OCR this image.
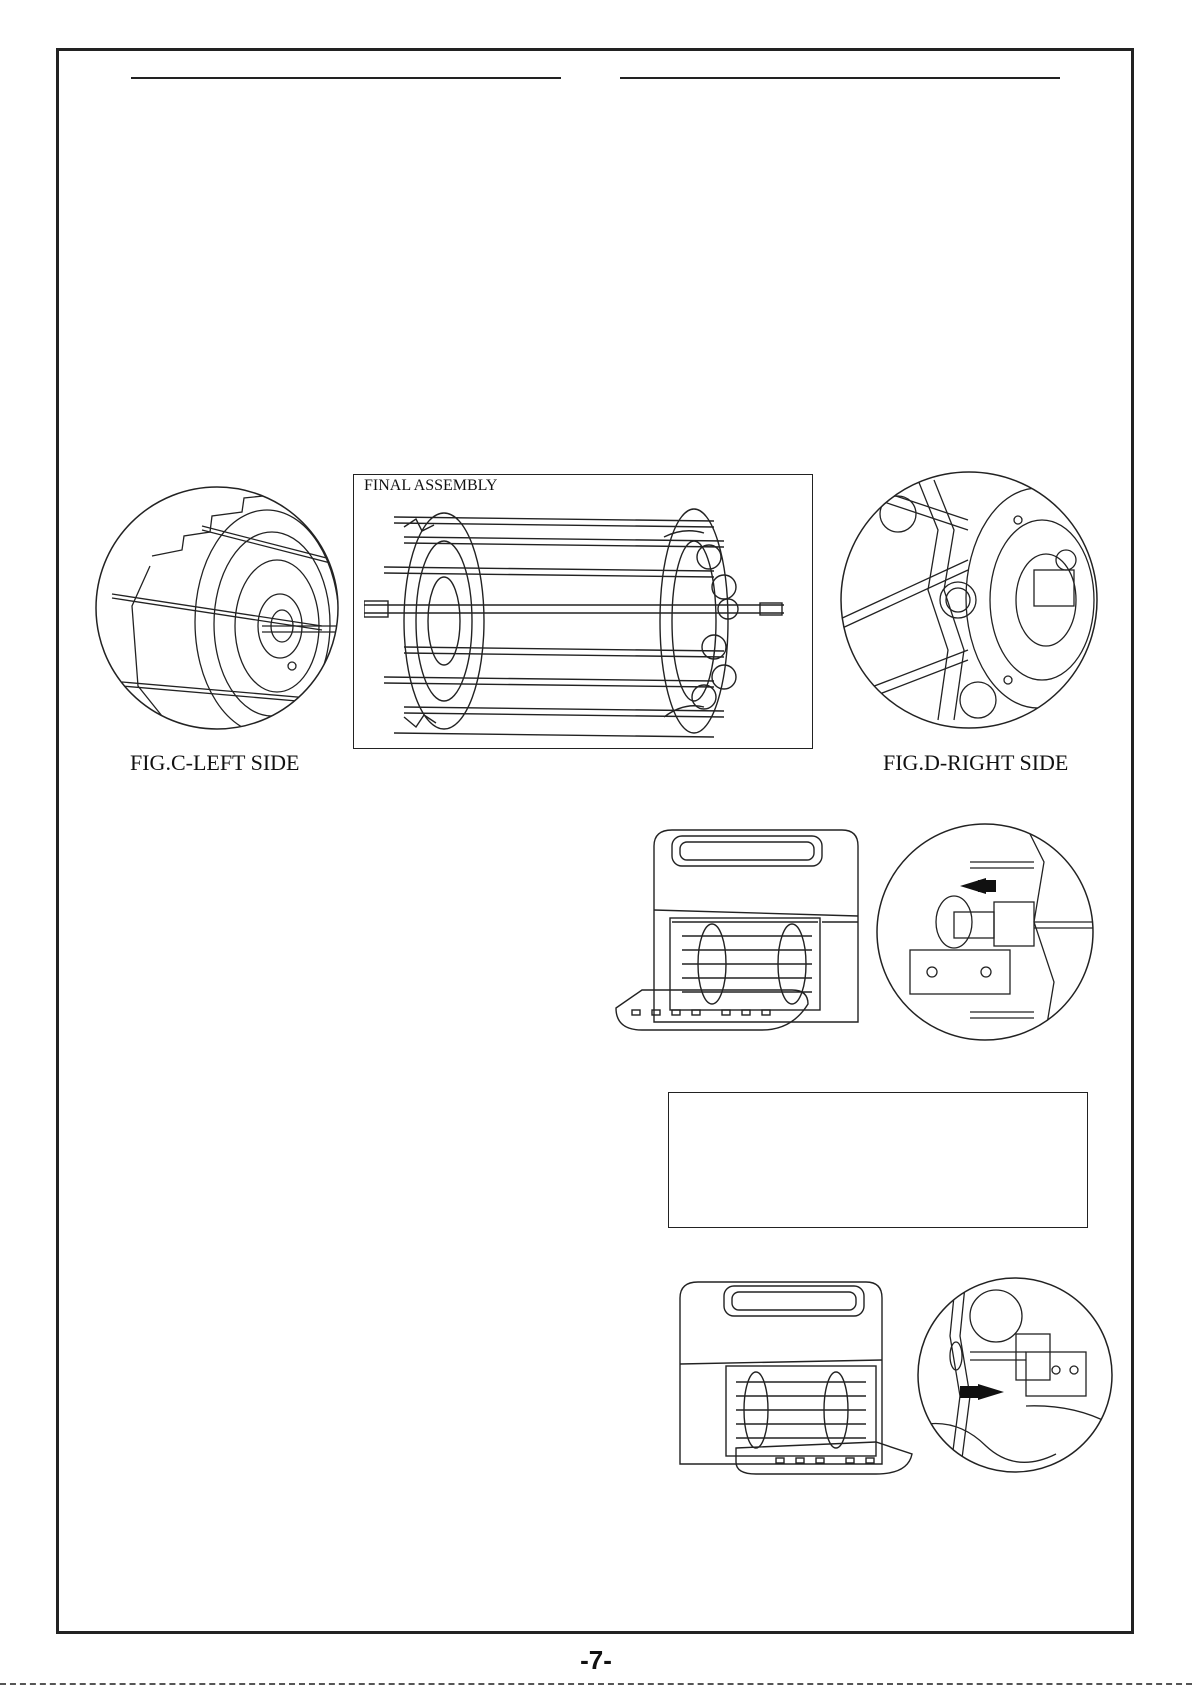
FIG.C-LEFT SIDE
FINAL ASSEMBLY
FIG.D-RIGHT SIDE
-7-
